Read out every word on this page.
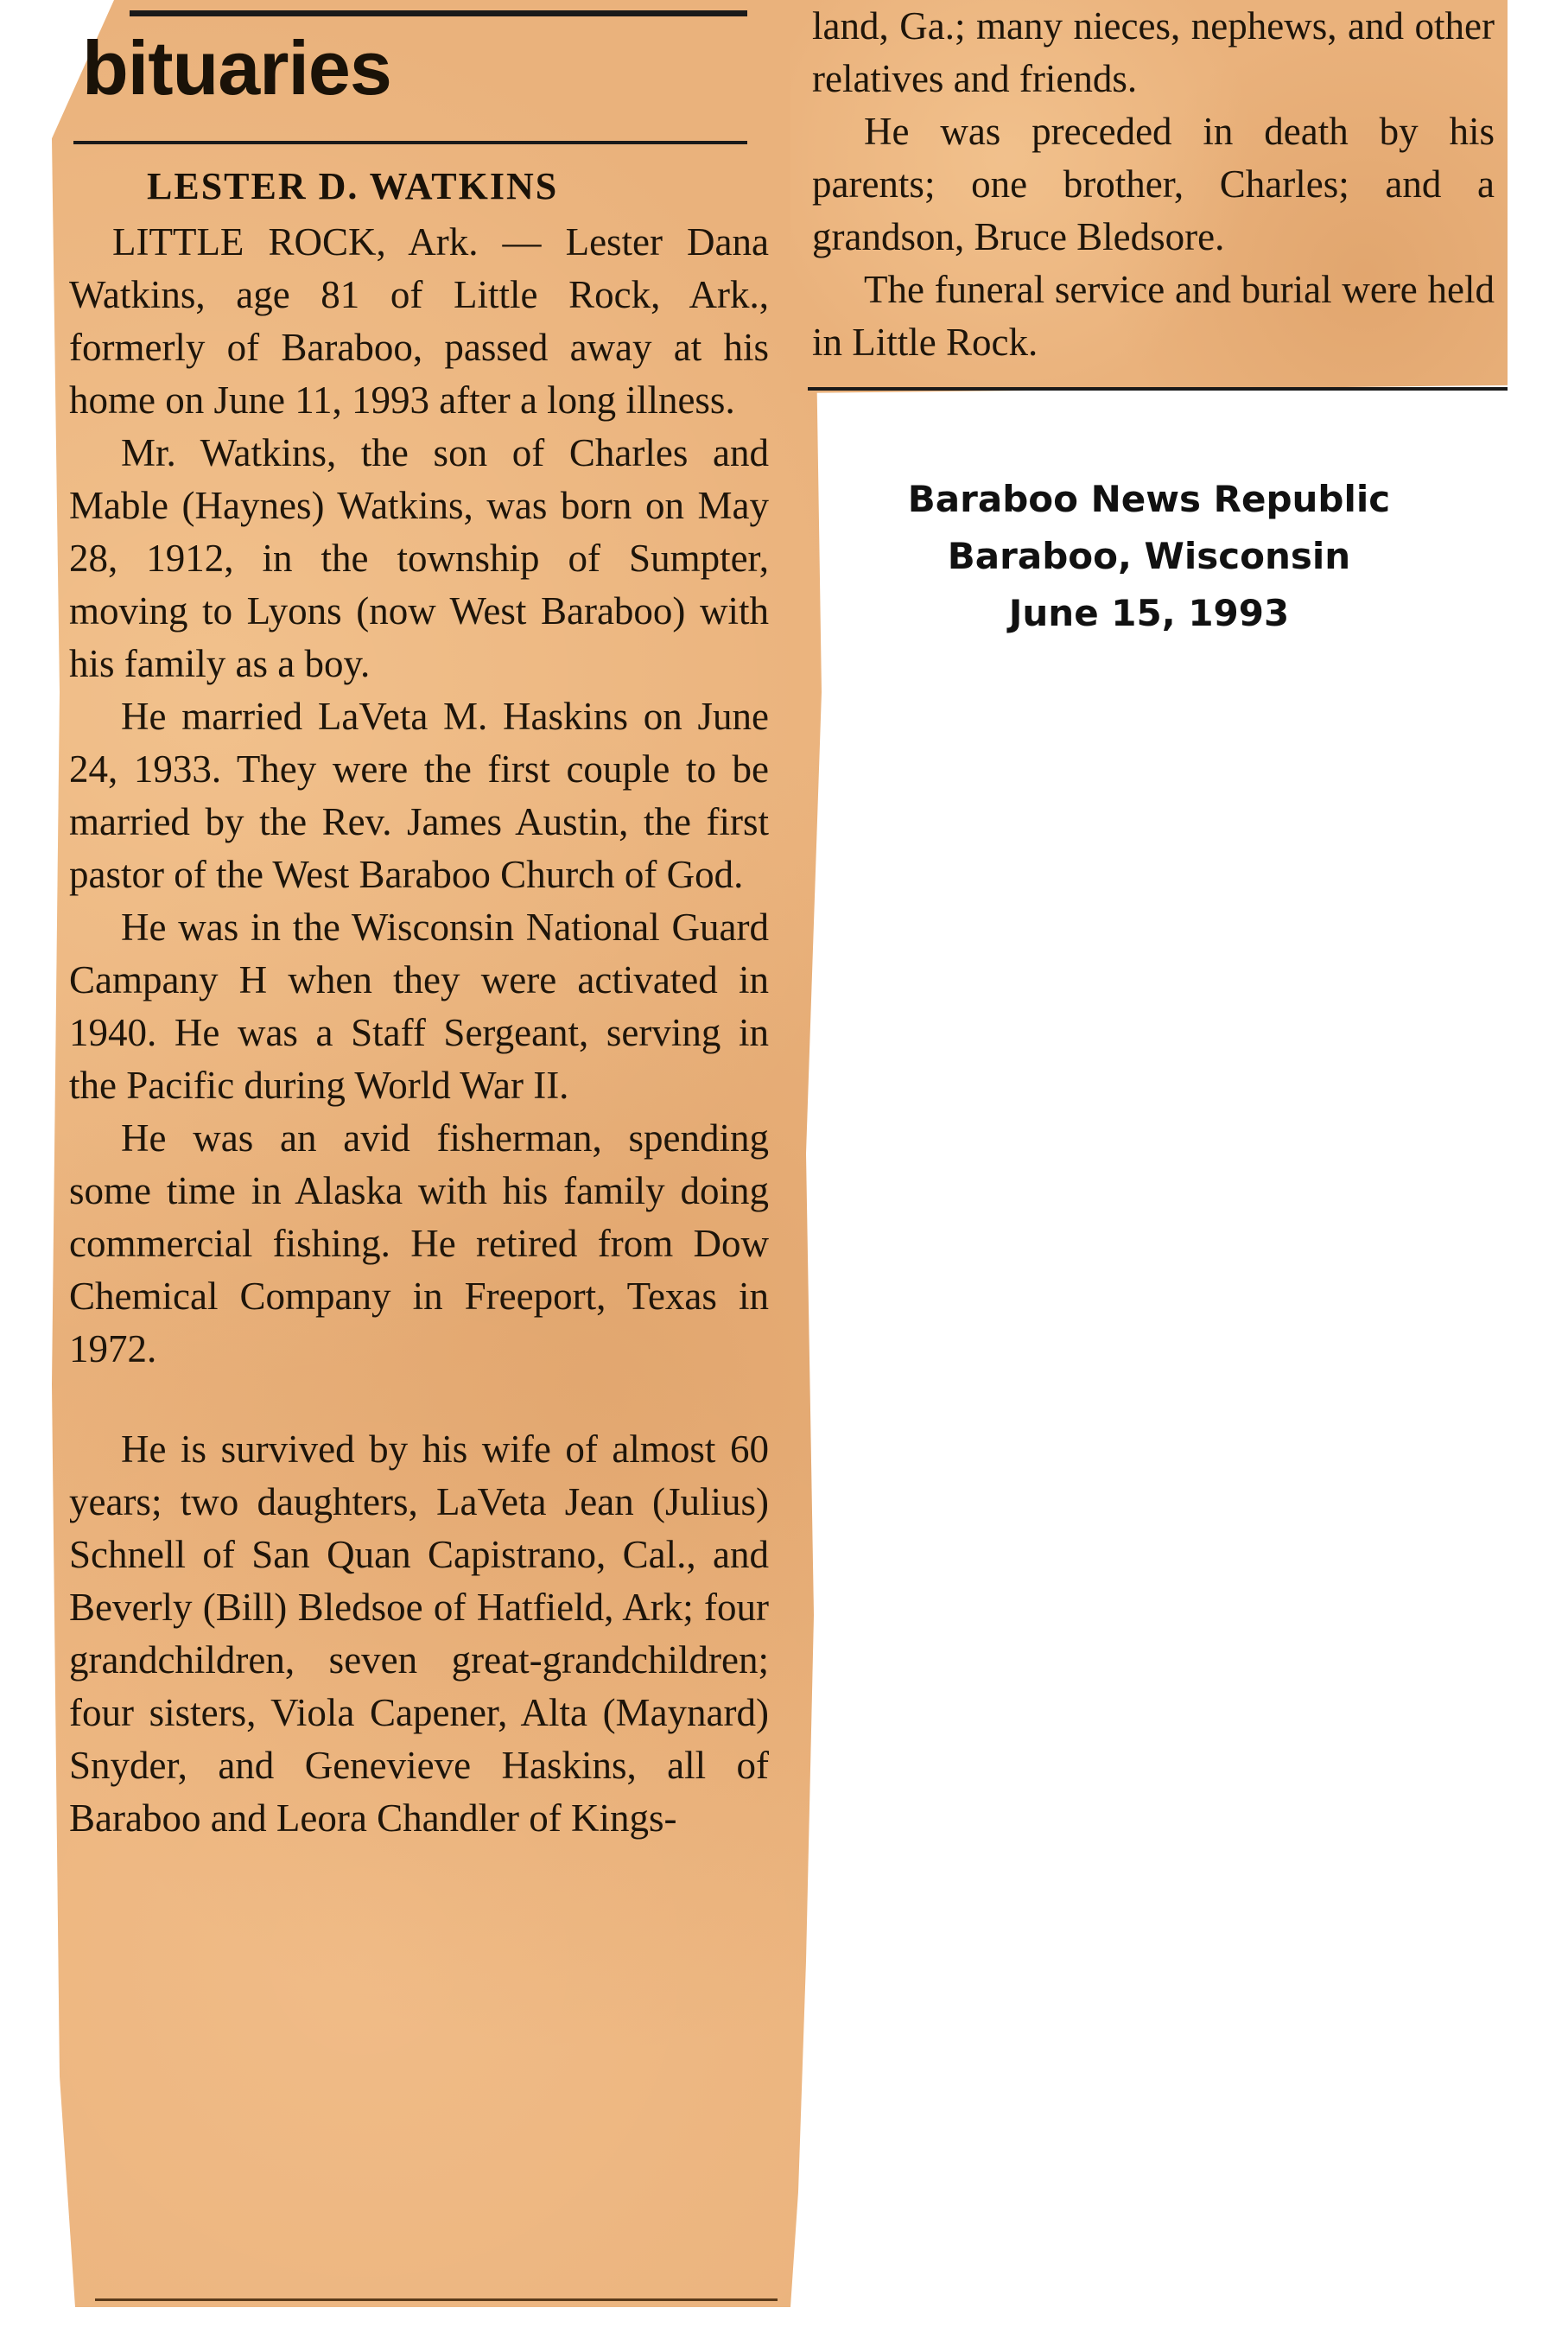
bituaries
LESTER D. WATKINS

LITTLE ROCK, Ark. — Lester Dana Watkins, age 81 of Little Rock, Ark., formerly of Baraboo, passed away at his home on June 11, 1993 after a long illness.

Mr. Watkins, the son of Charles and Mable (Haynes) Watkins, was born on May 28, 1912, in the township of Sumpter, moving to Lyons (now West Baraboo) with his family as a boy.

He married LaVeta M. Haskins on June 24, 1933. They were the first couple to be married by the Rev. James Austin, the first pastor of the West Baraboo Church of God.

He was in the Wisconsin National Guard Campany H when they were activated in 1940. He was a Staff Sergeant, serving in the Pacific during World War II.

He was an avid fisherman, spending some time in Alaska with his family doing commercial fishing. He retired from Dow Chemical Company in Freeport, Texas in 1972.

He is survived by his wife of almost 60 years; two daughters, LaVeta Jean (Julius) Schnell of San Quan Capistrano, Cal., and Beverly (Bill) Bledsoe of Hatfield, Ark; four grandchildren, seven great-grandchildren; four sisters, Viola Capener, Alta (Maynard) Snyder, and Genevieve Haskins, all of Baraboo and Leora Chandler of Kings-

land, Ga.; many nieces, nephews, and other relatives and friends.

He was preceded in death by his parents; one brother, Charles; and a grandson, Bruce Bledsore.

The funeral service and burial were held in Little Rock.

Baraboo News Republic
Baraboo, Wisconsin
June 15, 1993
